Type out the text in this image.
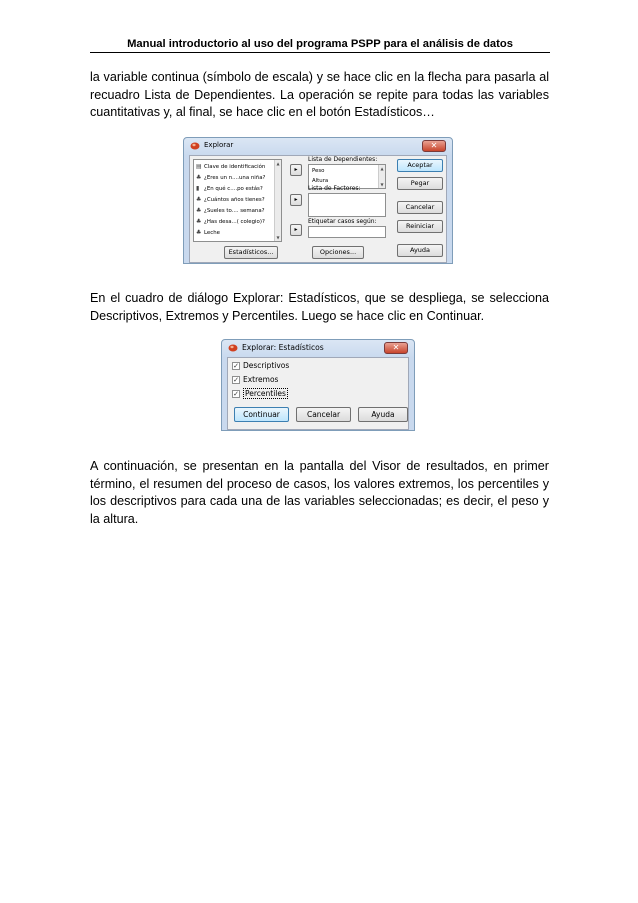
Manual introductorio al uso del programa PSPP para el análisis de datos

la variable continua (símbolo de escala) y se hace clic en la flecha para pasarla al recuadro Lista de Dependientes. La operación se repite para todas las variables cuantitativas y, al final, se hace clic en el botón Estadísticos…

Explorar	✕
▤ Clave de identificación
♣ ¿Eres un n....una niña?
▮ ¿En qué c....po estás?
♣ ¿Cuántos años tienes?
♣ ¿Sueles to.... semana?
♣ ¿Has desa...( colegio)?
♣ Leche
▲
▼
▸
▸
▸
Lista de Dependientes:
Peso
Altura
▲
▼
Lista de Factores:
Etiquetar casos según:
Aceptar
Pegar
Cancelar
Reiniciar
Ayuda
Estadísticos...	Opciones...

En el cuadro de diálogo Explorar: Estadísticos, que se despliega, se selecciona Descriptivos, Extremos y Percentiles. Luego se hace clic en Continuar.

Explorar: Estadísticos	✕
✓ Descriptivos
✓ Extremos
✓ Percentiles
Continuar	Cancelar	Ayuda

A continuación, se presentan en la pantalla del Visor de resultados, en primer término, el resumen del proceso de casos, los valores extremos, los percentiles y los descriptivos para cada una de las variables seleccionadas; es decir, el peso y la altura.
